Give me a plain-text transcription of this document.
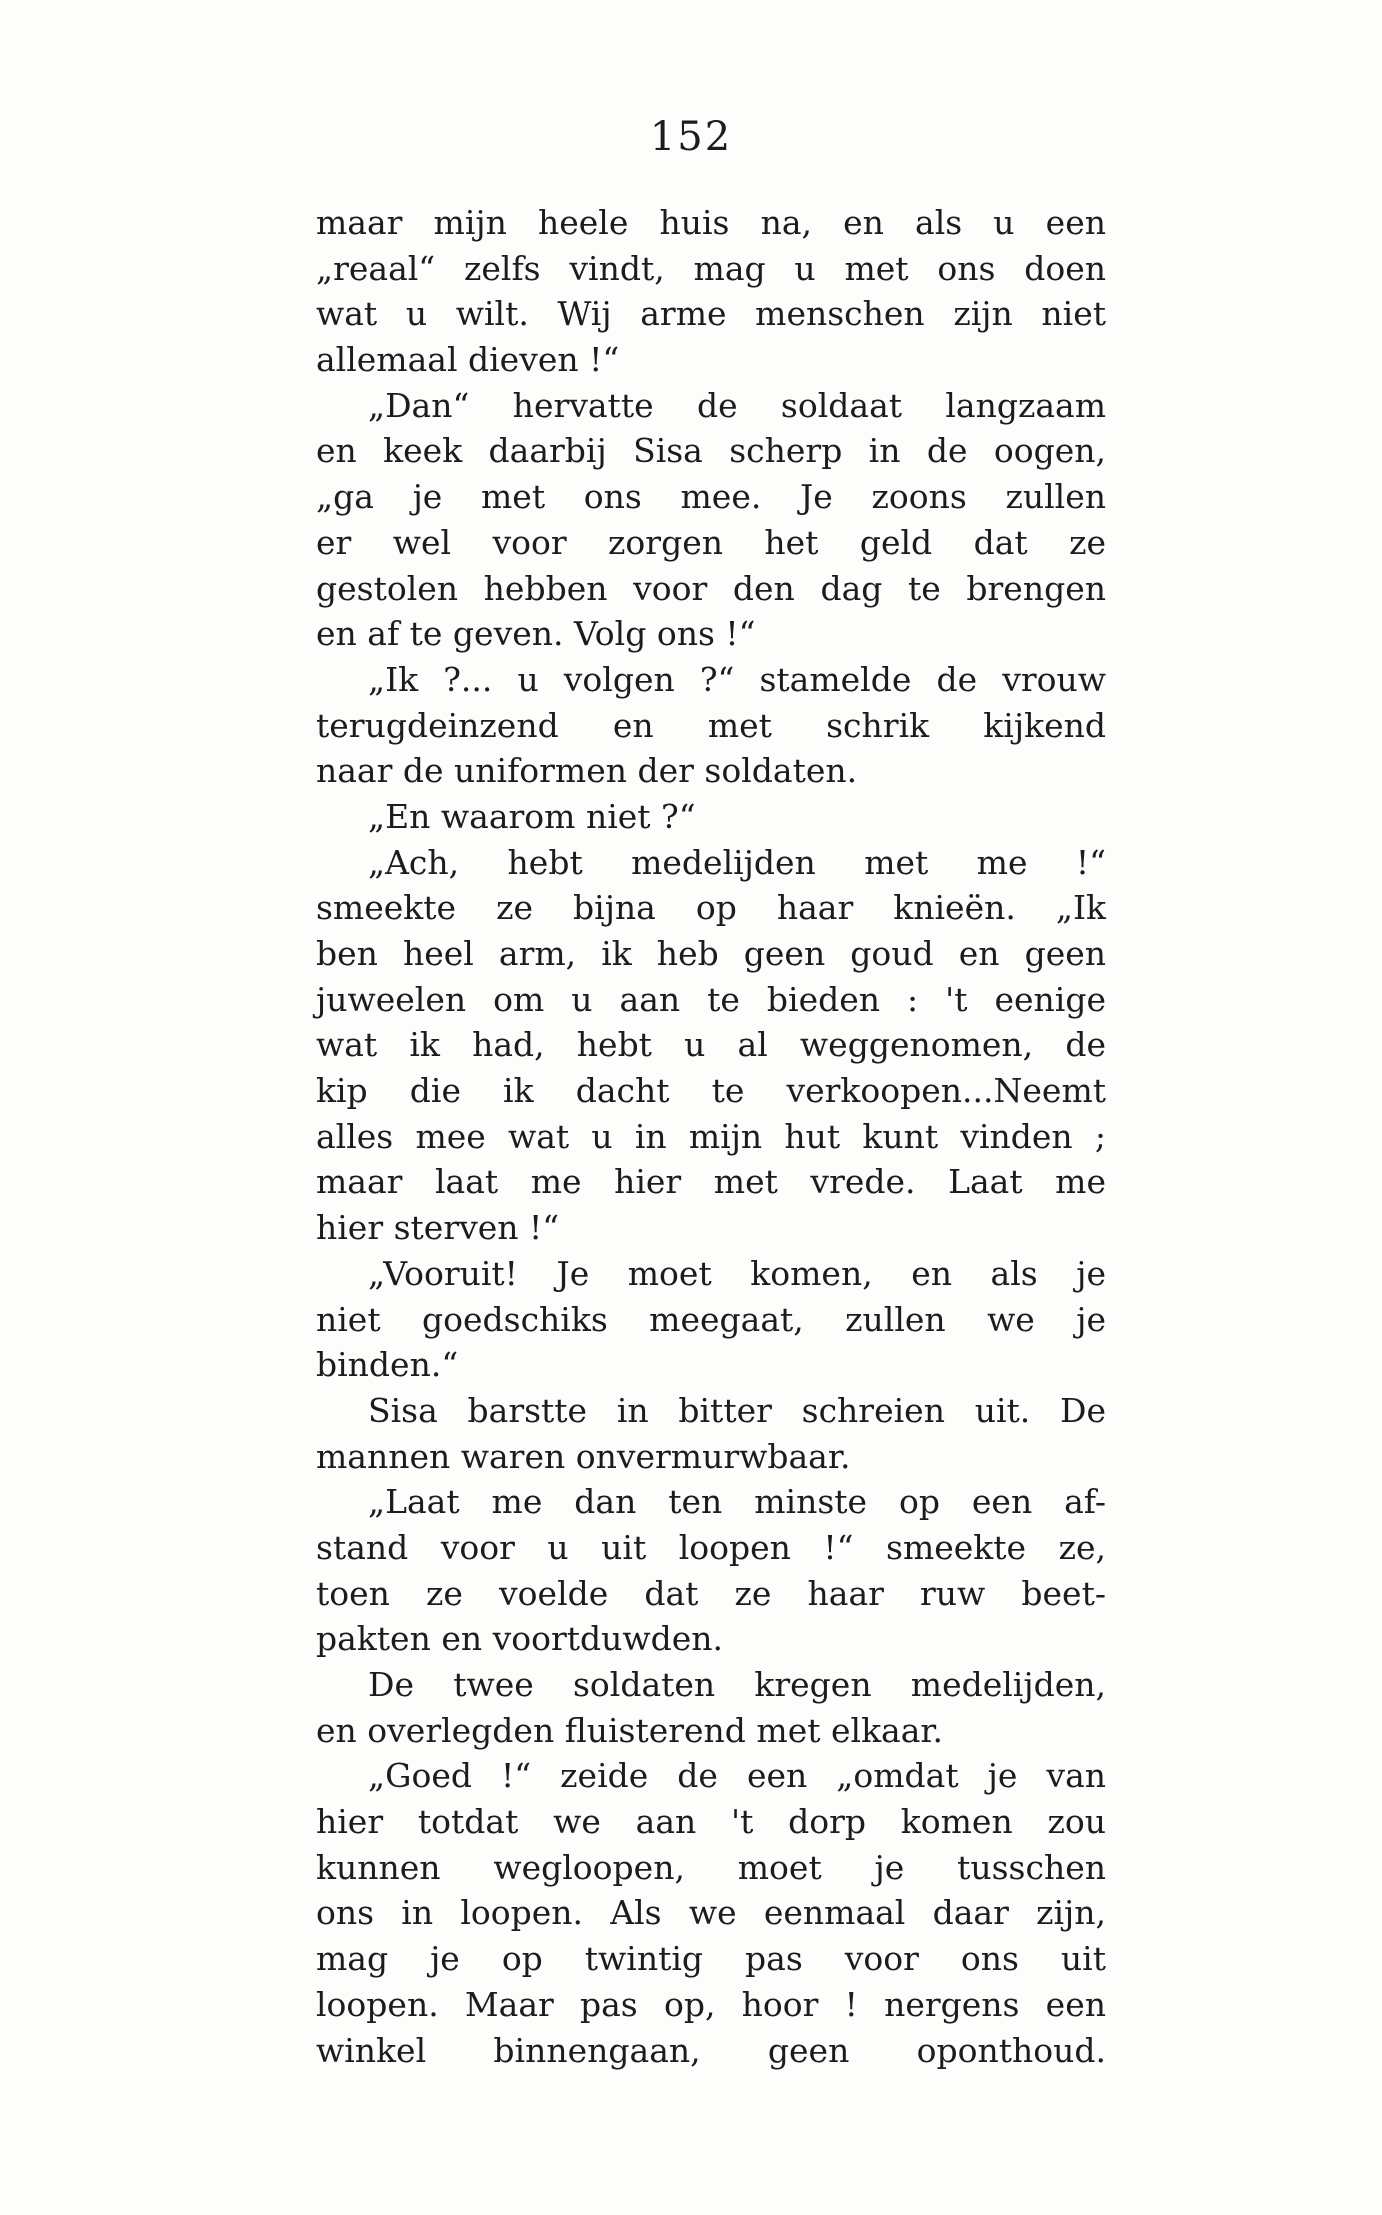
152
maar mijn heele huis na, en als u een
„reaal“ zelfs vindt, mag u met ons doen
wat u wilt. Wij arme menschen zijn niet
allemaal dieven !“
„Dan“ hervatte de soldaat langzaam
en keek daarbij Sisa scherp in de oogen,
„ga je met ons mee. Je zoons zullen
er wel voor zorgen het geld dat ze
gestolen hebben voor den dag te brengen
en af te geven. Volg ons !“
„Ik ?... u volgen ?“ stamelde de vrouw
terugdeinzend en met schrik kijkend
naar de uniformen der soldaten.
„En waarom niet ?“
„Ach, hebt medelijden met me !“
smeekte ze bijna op haar knieën. „Ik
ben heel arm, ik heb geen goud en geen
juweelen om u aan te bieden : 't eenige
wat ik had, hebt u al weggenomen, de
kip die ik dacht te verkoopen...Neemt
alles mee wat u in mijn hut kunt vinden ;
maar laat me hier met vrede. Laat me
hier sterven !“
„Vooruit! Je moet komen, en als je
niet goedschiks meegaat, zullen we je
binden.“
Sisa barstte in bitter schreien uit. De
mannen waren onvermurwbaar.
„Laat me dan ten minste op een af-
stand voor u uit loopen !“ smeekte ze,
toen ze voelde dat ze haar ruw beet-
pakten en voortduwden.
De twee soldaten kregen medelijden,
en overlegden fluisterend met elkaar.
„Goed !“ zeide de een „omdat je van
hier totdat we aan 't dorp komen zou
kunnen wegloopen, moet je tusschen
ons in loopen. Als we eenmaal daar zijn,
mag je op twintig pas voor ons uit
loopen. Maar pas op, hoor ! nergens een
winkel binnengaan, geen oponthoud.
